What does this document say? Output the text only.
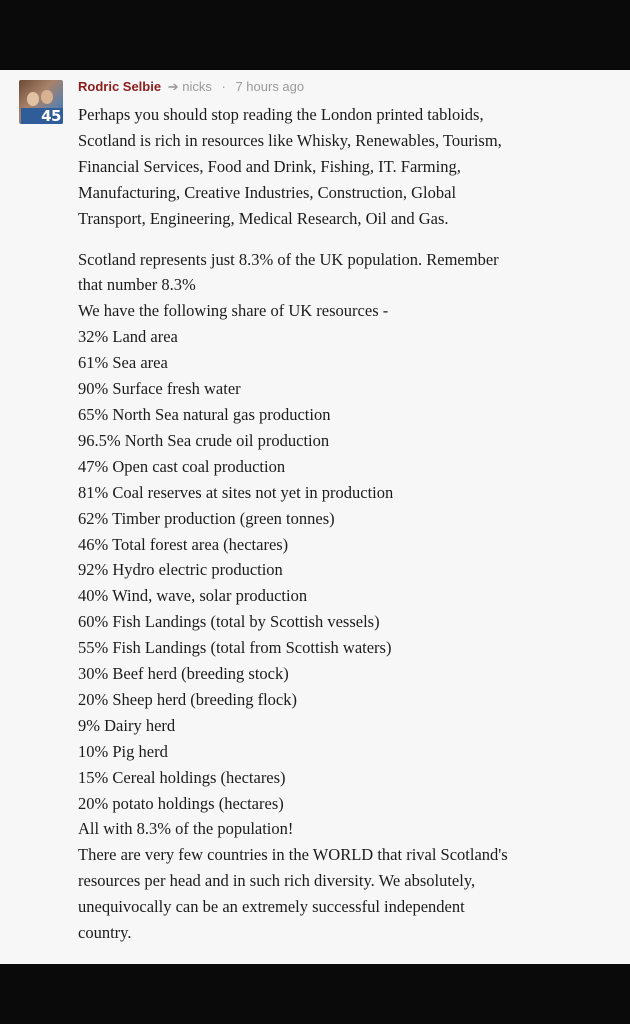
45
Rodric Selbie ➔ nicks · 7 hours ago

Perhaps you should stop reading the London printed tabloids,
Scotland is rich in resources like Whisky, Renewables, Tourism,
Financial Services, Food and Drink, Fishing, IT. Farming,
Manufacturing, Creative Industries, Construction, Global
Transport, Engineering, Medical Research, Oil and Gas.

Scotland represents just 8.3% of the UK population. Remember
that number 8.3%
We have the following share of UK resources -
32% Land area
61% Sea area
90% Surface fresh water
65% North Sea natural gas production
96.5% North Sea crude oil production
47% Open cast coal production
81% Coal reserves at sites not yet in production
62% Timber production (green tonnes)
46% Total forest area (hectares)
92% Hydro electric production
40% Wind, wave, solar production
60% Fish Landings (total by Scottish vessels)
55% Fish Landings (total from Scottish waters)
30% Beef herd (breeding stock)
20% Sheep herd (breeding flock)
9% Dairy herd
10% Pig herd
15% Cereal holdings (hectares)
20% potato holdings (hectares)
All with 8.3% of the population!
There are very few countries in the WORLD that rival Scotland's
resources per head and in such rich diversity. We absolutely,
unequivocally can be an extremely successful independent
country.
